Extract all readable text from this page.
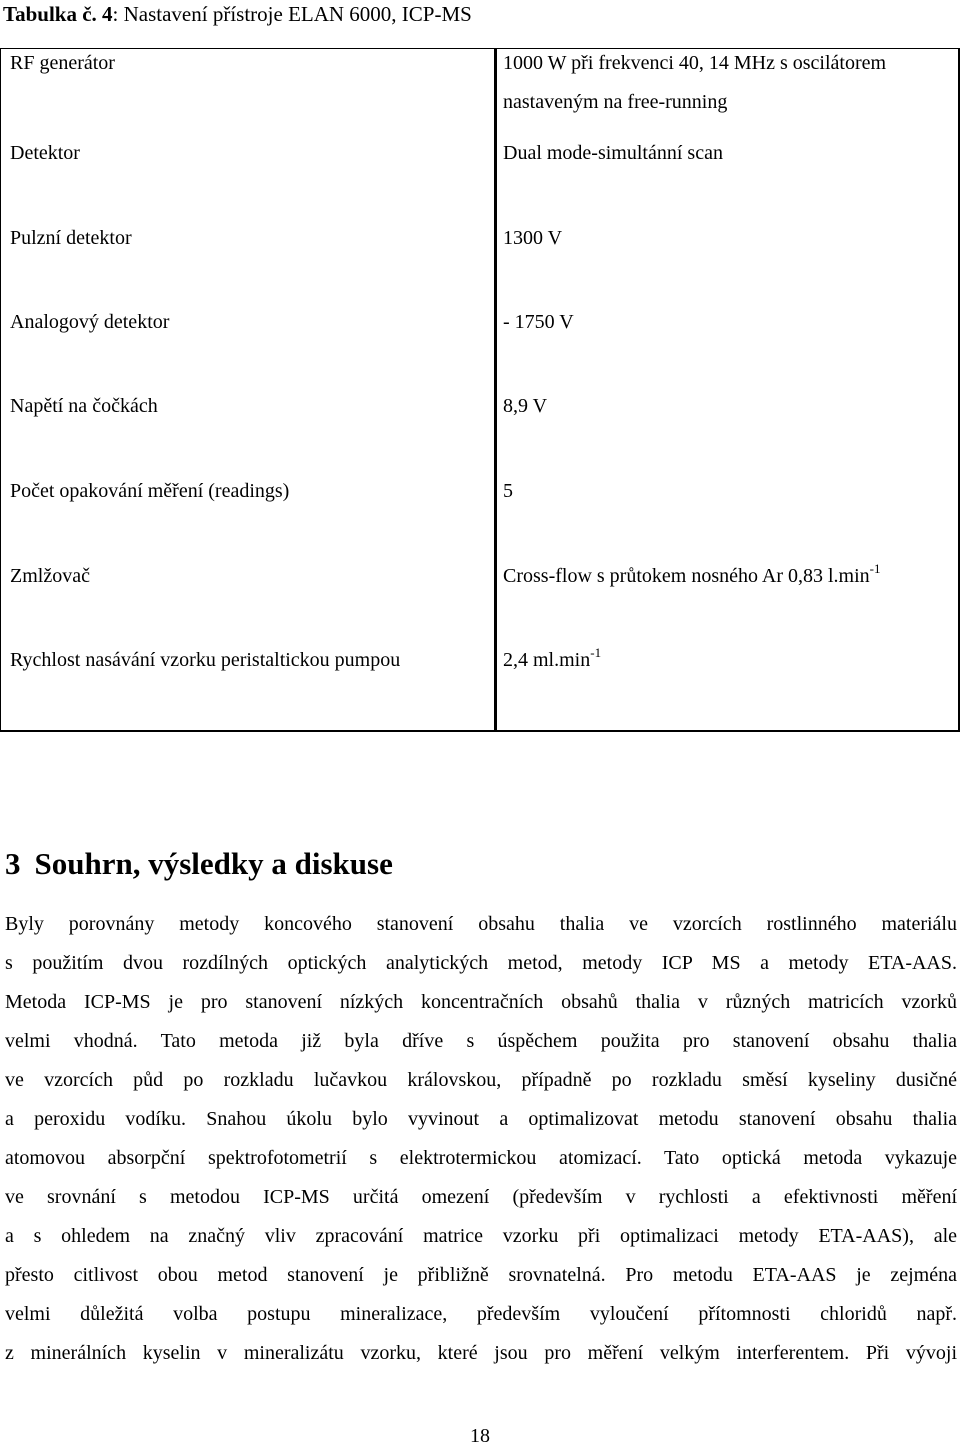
Tabulka č. 4: Nastavení přístroje ELAN 6000, ICP-MS
RF generátor	1000 W při frekvenci 40, 14 MHz s oscilátorem
nastaveným na free-running
Detektor	Dual mode-simultánní scan
Pulzní detektor	1300 V
Analogový detektor	- 1750 V
Napětí na čočkách	8,9 V
Počet opakování měření (readings)	5
Zmlžovač	Cross-flow s průtokem nosného Ar 0,83 $l.\min^{-1}$
Rychlost nasávání vzorku peristaltickou pumpou	2,4 $ml.\min^{-1}$
3 Souhrn, výsledky a diskuse
Byly porovnány metody koncového stanovení obsahu thalia ve vzorcích rostlinného materiálu
s použitím dvou rozdílných optických analytických metod, metody ICP MS a metody ETA-AAS.
Metoda ICP-MS je pro stanovení nízkých koncentračních obsahů thalia v různých matricích vzorků
velmi vhodná. Tato metoda již byla dříve s úspěchem použita pro stanovení obsahu thalia
ve vzorcích půd po rozkladu lučavkou královskou, případně po rozkladu směsí kyseliny dusičné
a peroxidu vodíku. Snahou úkolu bylo vyvinout a optimalizovat metodu stanovení obsahu thalia
atomovou absorpční spektrofotometrií s elektrotermickou atomizací. Tato optická metoda vykazuje
ve srovnání s metodou ICP-MS určitá omezení (především v rychlosti a efektivnosti měření
a s ohledem na značný vliv zpracování matrice vzorku při optimalizaci metody ETA-AAS), ale
přesto citlivost obou metod stanovení je přibližně srovnatelná. Pro metodu ETA-AAS je zejména
velmi důležitá volba postupu mineralizace, především vyloučení přítomnosti chloridů např.
z minerálních kyselin v mineralizátu vzorku, které jsou pro měření velkým interferentem. Při vývoji
18
